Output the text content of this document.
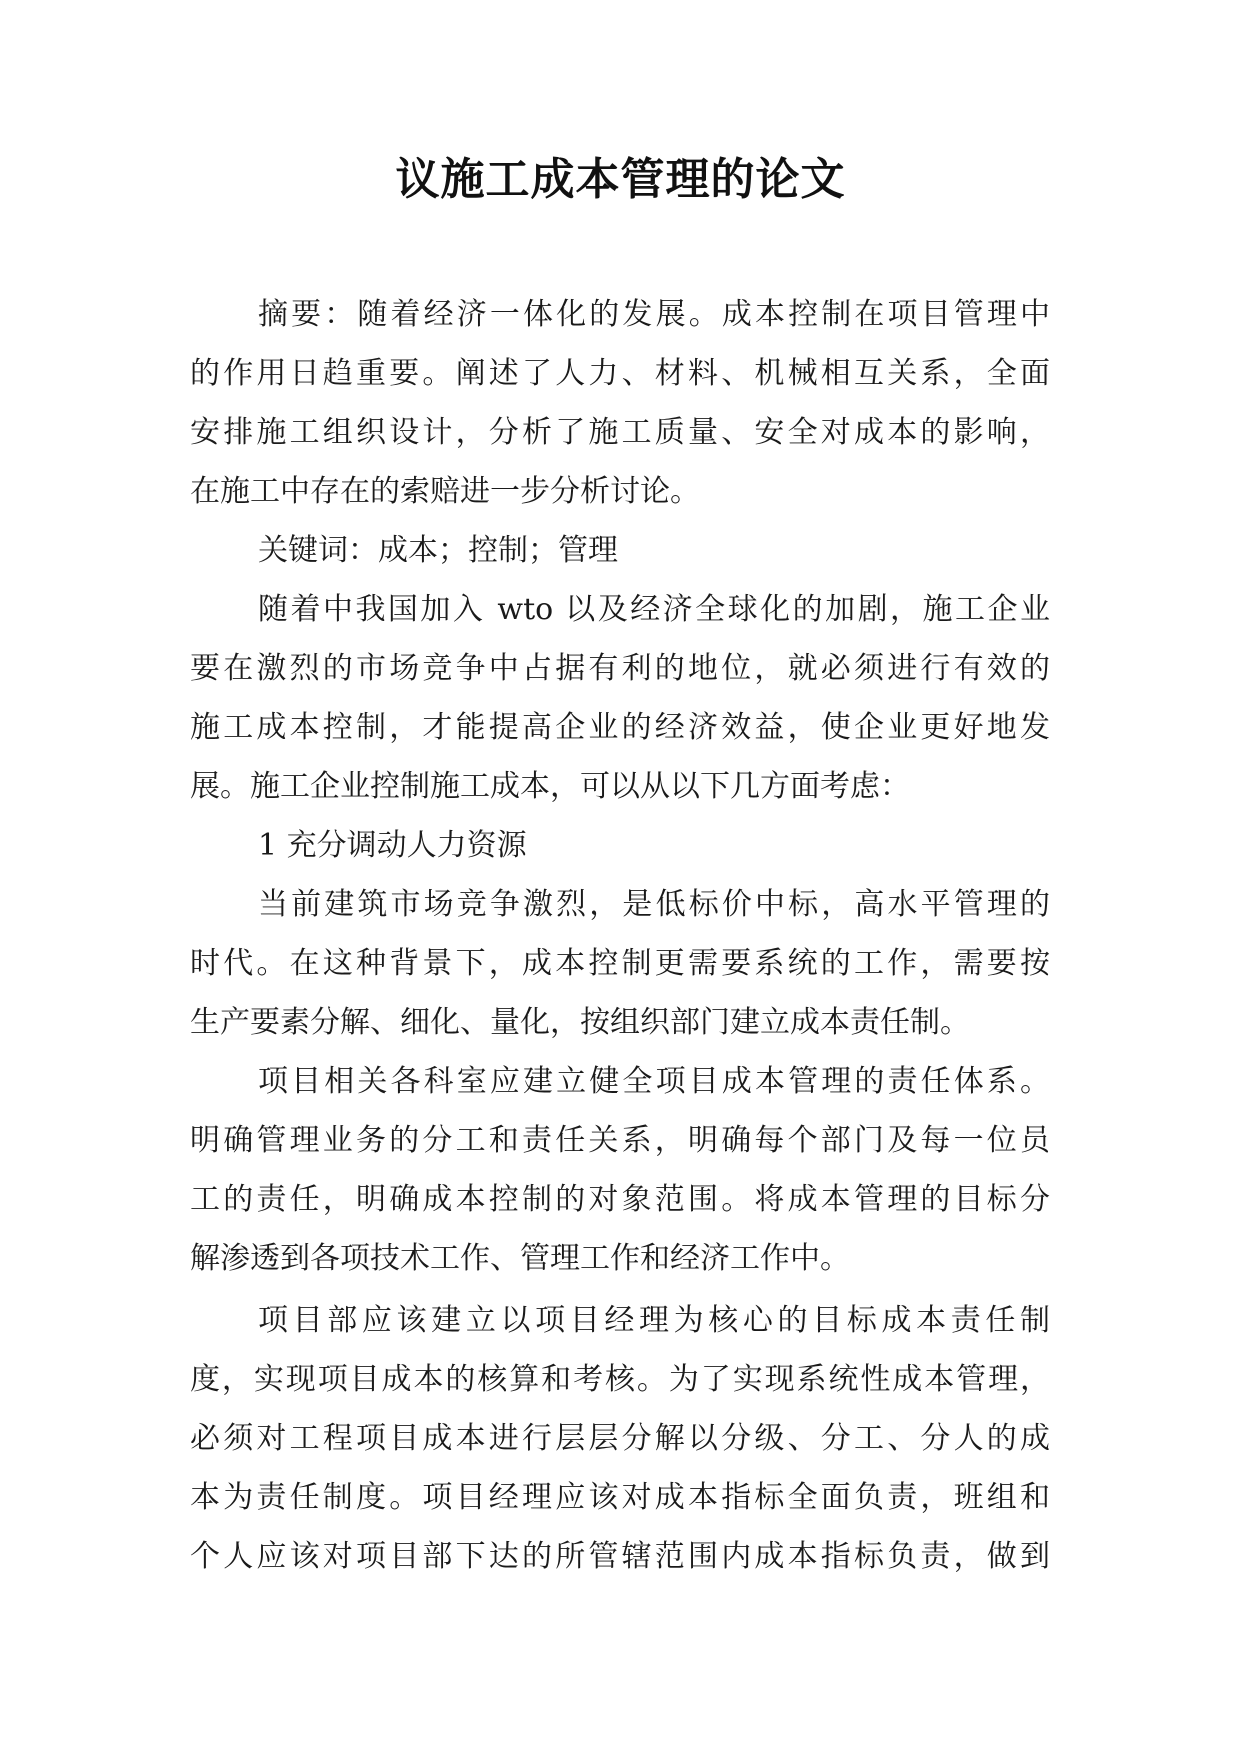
议施工成本管理的论文
摘要：随着经济一体化的发展。成本控制在项目管理中
的作用日趋重要。阐述了人力、材料、机械相互关系，全面
安排施工组织设计，分析了施工质量、安全对成本的影响，
在施工中存在的索赔进一步分析讨论。
关键词：成本；控制；管理
随着中我国加入 wto 以及经济全球化的加剧，施工企业
要在激烈的市场竞争中占据有利的地位，就必须进行有效的
施工成本控制，才能提高企业的经济效益，使企业更好地发
展。施工企业控制施工成本，可以从以下几方面考虑：
1 充分调动人力资源
当前建筑市场竞争激烈，是低标价中标，高水平管理的
时代。在这种背景下，成本控制更需要系统的工作，需要按
生产要素分解、细化、量化，按组织部门建立成本责任制。
项目相关各科室应建立健全项目成本管理的责任体系。
明确管理业务的分工和责任关系，明确每个部门及每一位员
工的责任，明确成本控制的对象范围。将成本管理的目标分
解渗透到各项技术工作、管理工作和经济工作中。
项目部应该建立以项目经理为核心的目标成本责任制
度，实现项目成本的核算和考核。为了实现系统性成本管理，
必须对工程项目成本进行层层分解以分级、分工、分人的成
本为责任制度。项目经理应该对成本指标全面负责，班组和
个人应该对项目部下达的所管辖范围内成本指标负责，做到
